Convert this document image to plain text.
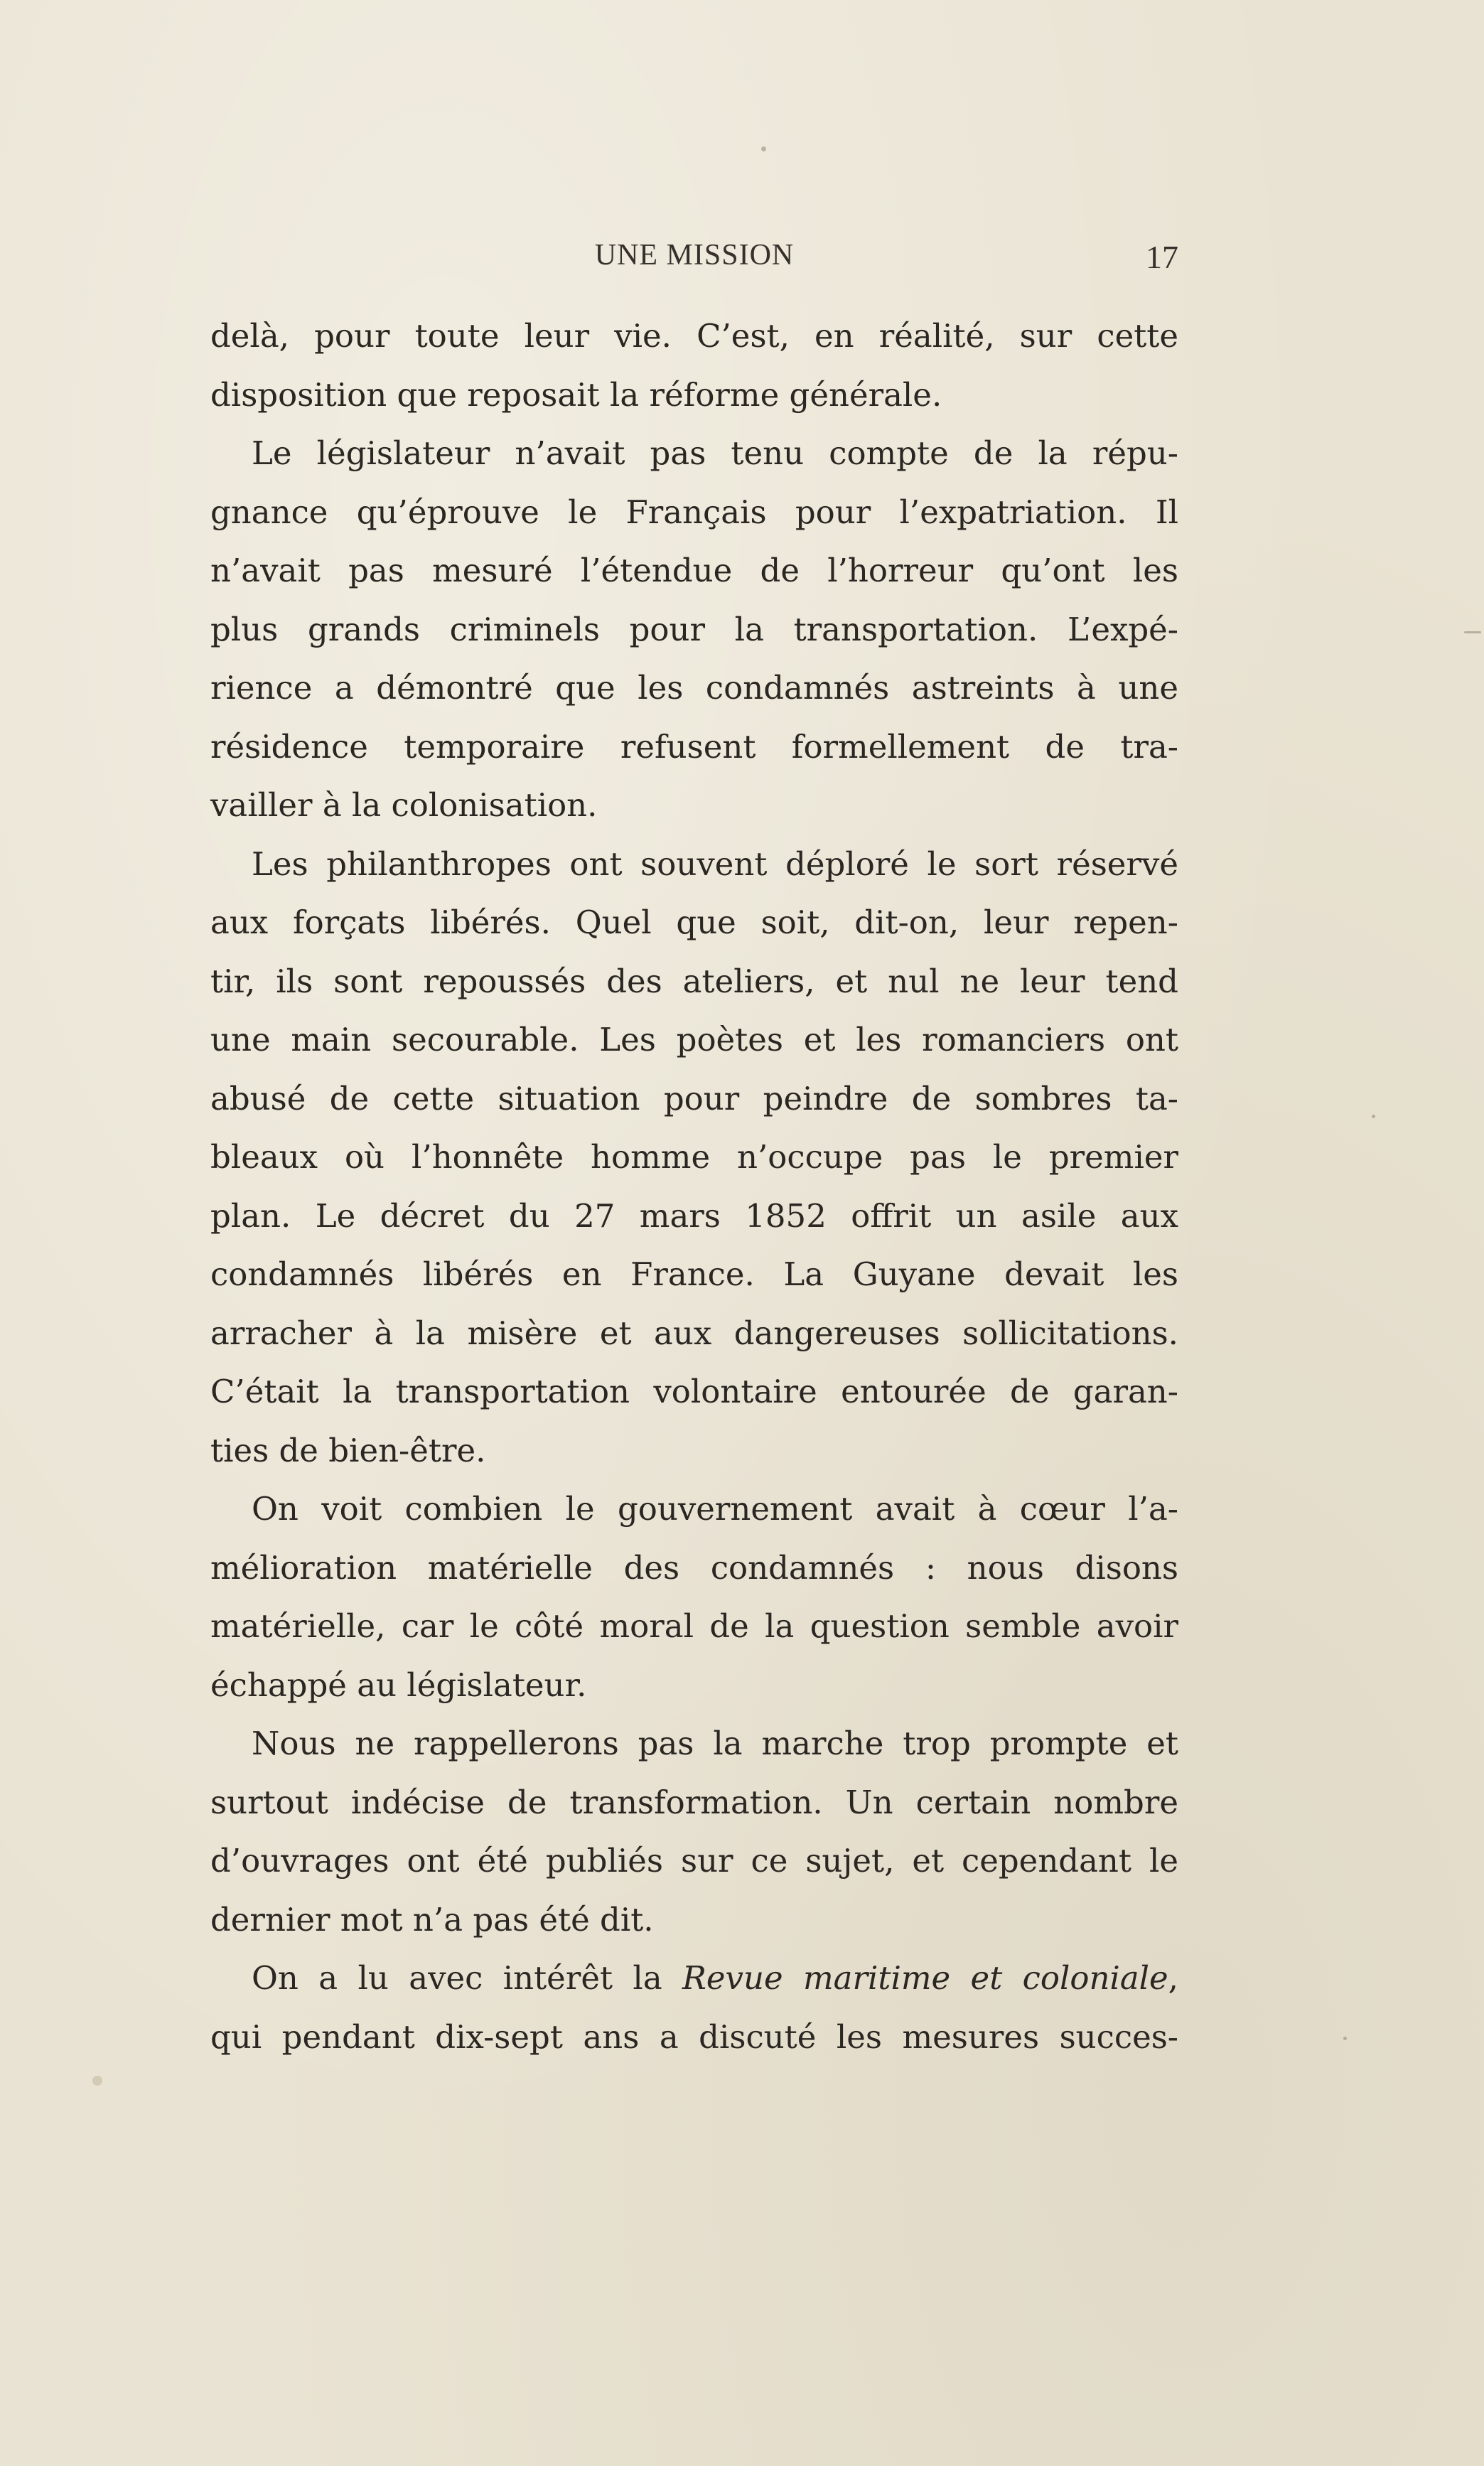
UNE MISSION	17
delà, pour toute leur vie. C’est, en réalité, sur cette
disposition que reposait la réforme générale.
Le législateur n’avait pas tenu compte de la répu-
gnance qu’éprouve le Français pour l’expatriation. Il
n’avait pas mesuré l’étendue de l’horreur qu’ont les
plus grands criminels pour la transportation. L’expé-
rience a démontré que les condamnés astreints à une
résidence temporaire refusent formellement de tra-
vailler à la colonisation.
Les philanthropes ont souvent déploré le sort réservé
aux forçats libérés. Quel que soit, dit-on, leur repen-
tir, ils sont repoussés des ateliers, et nul ne leur tend
une main secourable. Les poètes et les romanciers ont
abusé de cette situation pour peindre de sombres ta-
bleaux où l’honnête homme n’occupe pas le premier
plan. Le décret du 27 mars 1852 offrit un asile aux
condamnés libérés en France. La Guyane devait les
arracher à la misère et aux dangereuses sollicitations.
C’était la transportation volontaire entourée de garan-
ties de bien-être.
On voit combien le gouvernement avait à cœur l’a-
mélioration matérielle des condamnés : nous disons
matérielle, car le côté moral de la question semble avoir
échappé au législateur.
Nous ne rappellerons pas la marche trop prompte et
surtout indécise de transformation. Un certain nombre
d’ouvrages ont été publiés sur ce sujet, et cependant le
dernier mot n’a pas été dit.
On a lu avec intérêt la Revue maritime et coloniale,
qui pendant dix-sept ans a discuté les mesures succes-
